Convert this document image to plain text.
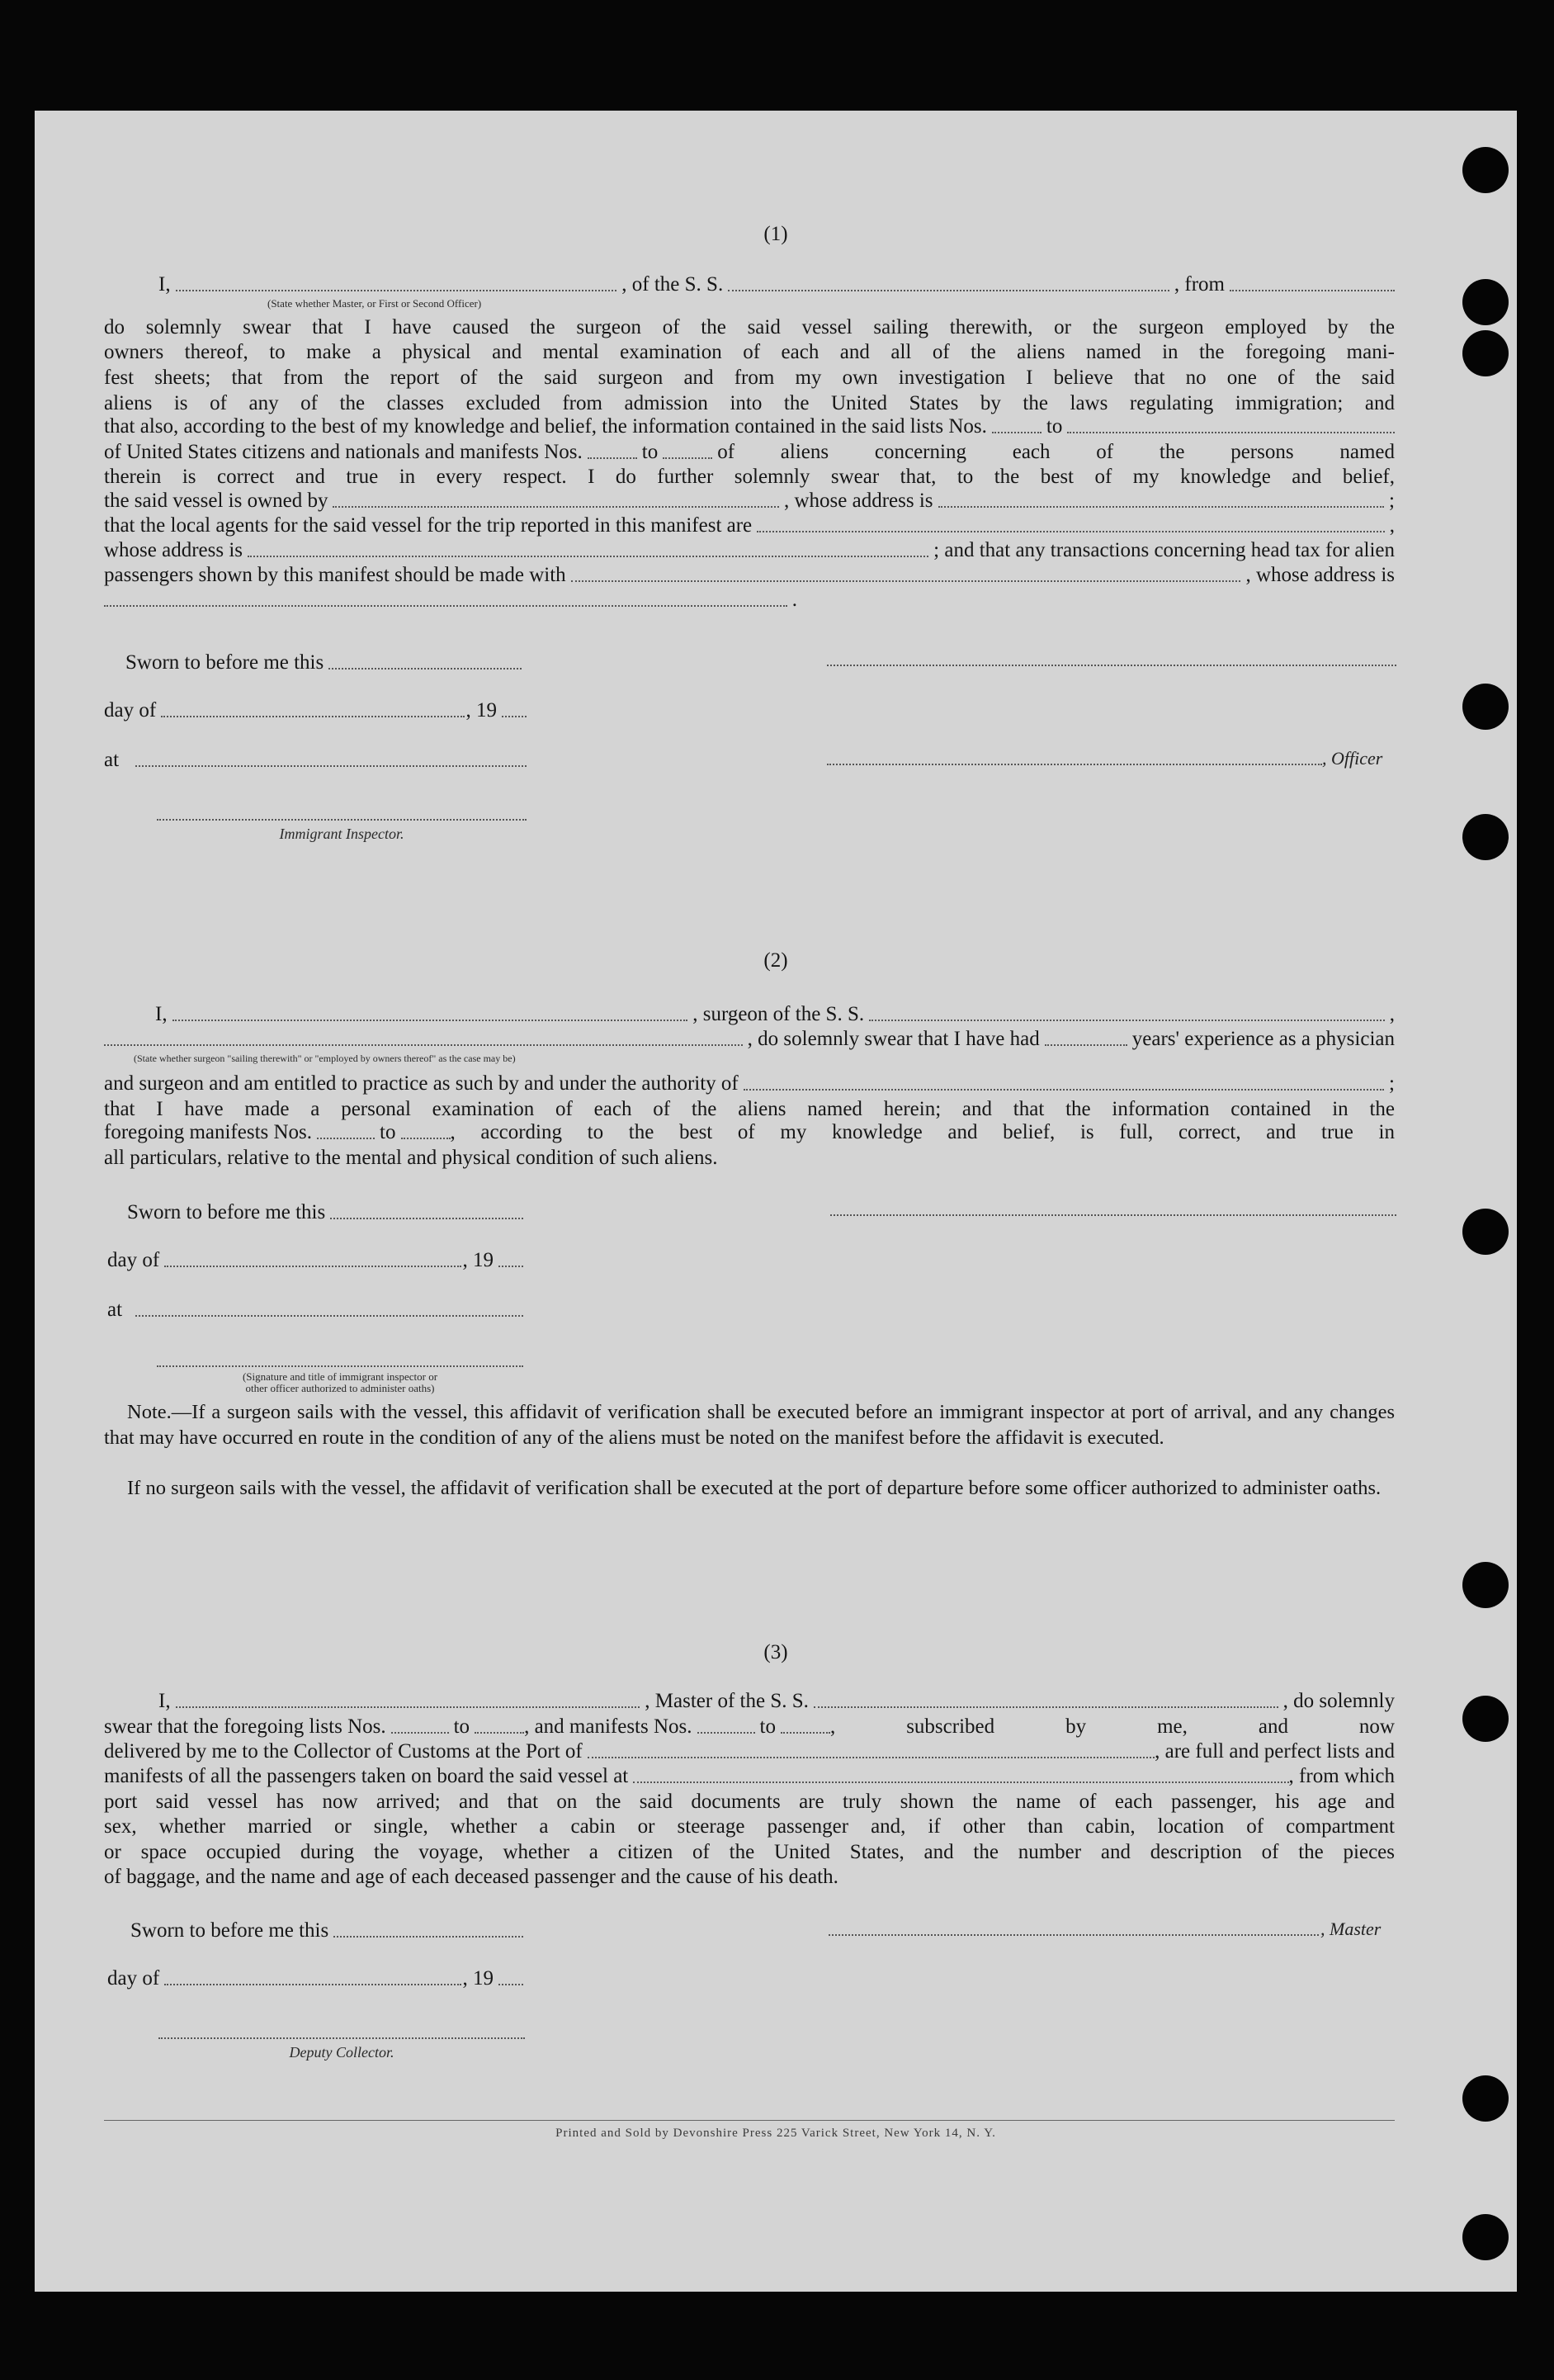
(1)
I,	, of the S. S.	, from
(State whether Master, or First or Second Officer)
do solemnly swear that I have caused the surgeon of the said vessel sailing therewith, or the surgeon employed by the
owners thereof, to make a physical and mental examination of each and all of the aliens named in the foregoing mani-
fest sheets; that from the report of the said surgeon and from my own investigation I believe that no one of the said
aliens is of any of the classes excluded from admission into the United States by the laws regulating immigration; and
that also, according to the best of my knowledge and belief, the information contained in the said lists Nos.	to
of United States citizens and nationals and manifests Nos.	to	of aliens concerning each of the persons named
therein is correct and true in every respect. I do further solemnly swear that, to the best of my knowledge and belief,
the said vessel is owned by	, whose address is	;
that the local agents for the said vessel for the trip reported in this manifest are	,
whose address is	; and that any transactions concerning head tax for alien
passengers shown by this manifest should be made with	, whose address is
.
Sworn to before me this
day of	, 19
at	, Officer
Immigrant Inspector.
(2)
I,	, surgeon of the S. S.	,
, do solemnly swear that I have had	years' experience as a physician
(State whether surgeon "sailing therewith" or "employed by owners thereof" as the case may be)
and surgeon and am entitled to practice as such by and under the authority of	;
that I have made a personal examination of each of the aliens named herein; and that the information contained in the
foregoing manifests Nos.	to	, according to the best of my knowledge and belief, is full, correct, and true in
all particulars, relative to the mental and physical condition of such aliens.
Sworn to before me this
day of	, 19
at
(Signature and title of immigrant inspector or
other officer authorized to administer oaths)
Note.—If a surgeon sails with the vessel, this affidavit of verification shall be executed before an immigrant inspector at port of arrival, and any changes that may have occurred en route in the condition of any of the aliens must be noted on the manifest before the affidavit is executed.
If no surgeon sails with the vessel, the affidavit of verification shall be executed at the port of departure before some officer authorized to administer oaths.
(3)
I,	, Master of the S. S.	, do solemnly
swear that the foregoing lists Nos.	to	, and manifests Nos.	to	, subscribed by me, and now
delivered by me to the Collector of Customs at the Port of	, are full and perfect lists and
manifests of all the passengers taken on board the said vessel at	, from which
port said vessel has now arrived; and that on the said documents are truly shown the name of each passenger, his age and
sex, whether married or single, whether a cabin or steerage passenger and, if other than cabin, location of compartment
or space occupied during the voyage, whether a citizen of the United States, and the number and description of the pieces
of baggage, and the name and age of each deceased passenger and the cause of his death.
Sworn to before me this	, Master
day of	, 19
Deputy Collector.
Printed and Sold by Devonshire Press 225 Varick Street, New York 14, N. Y.
